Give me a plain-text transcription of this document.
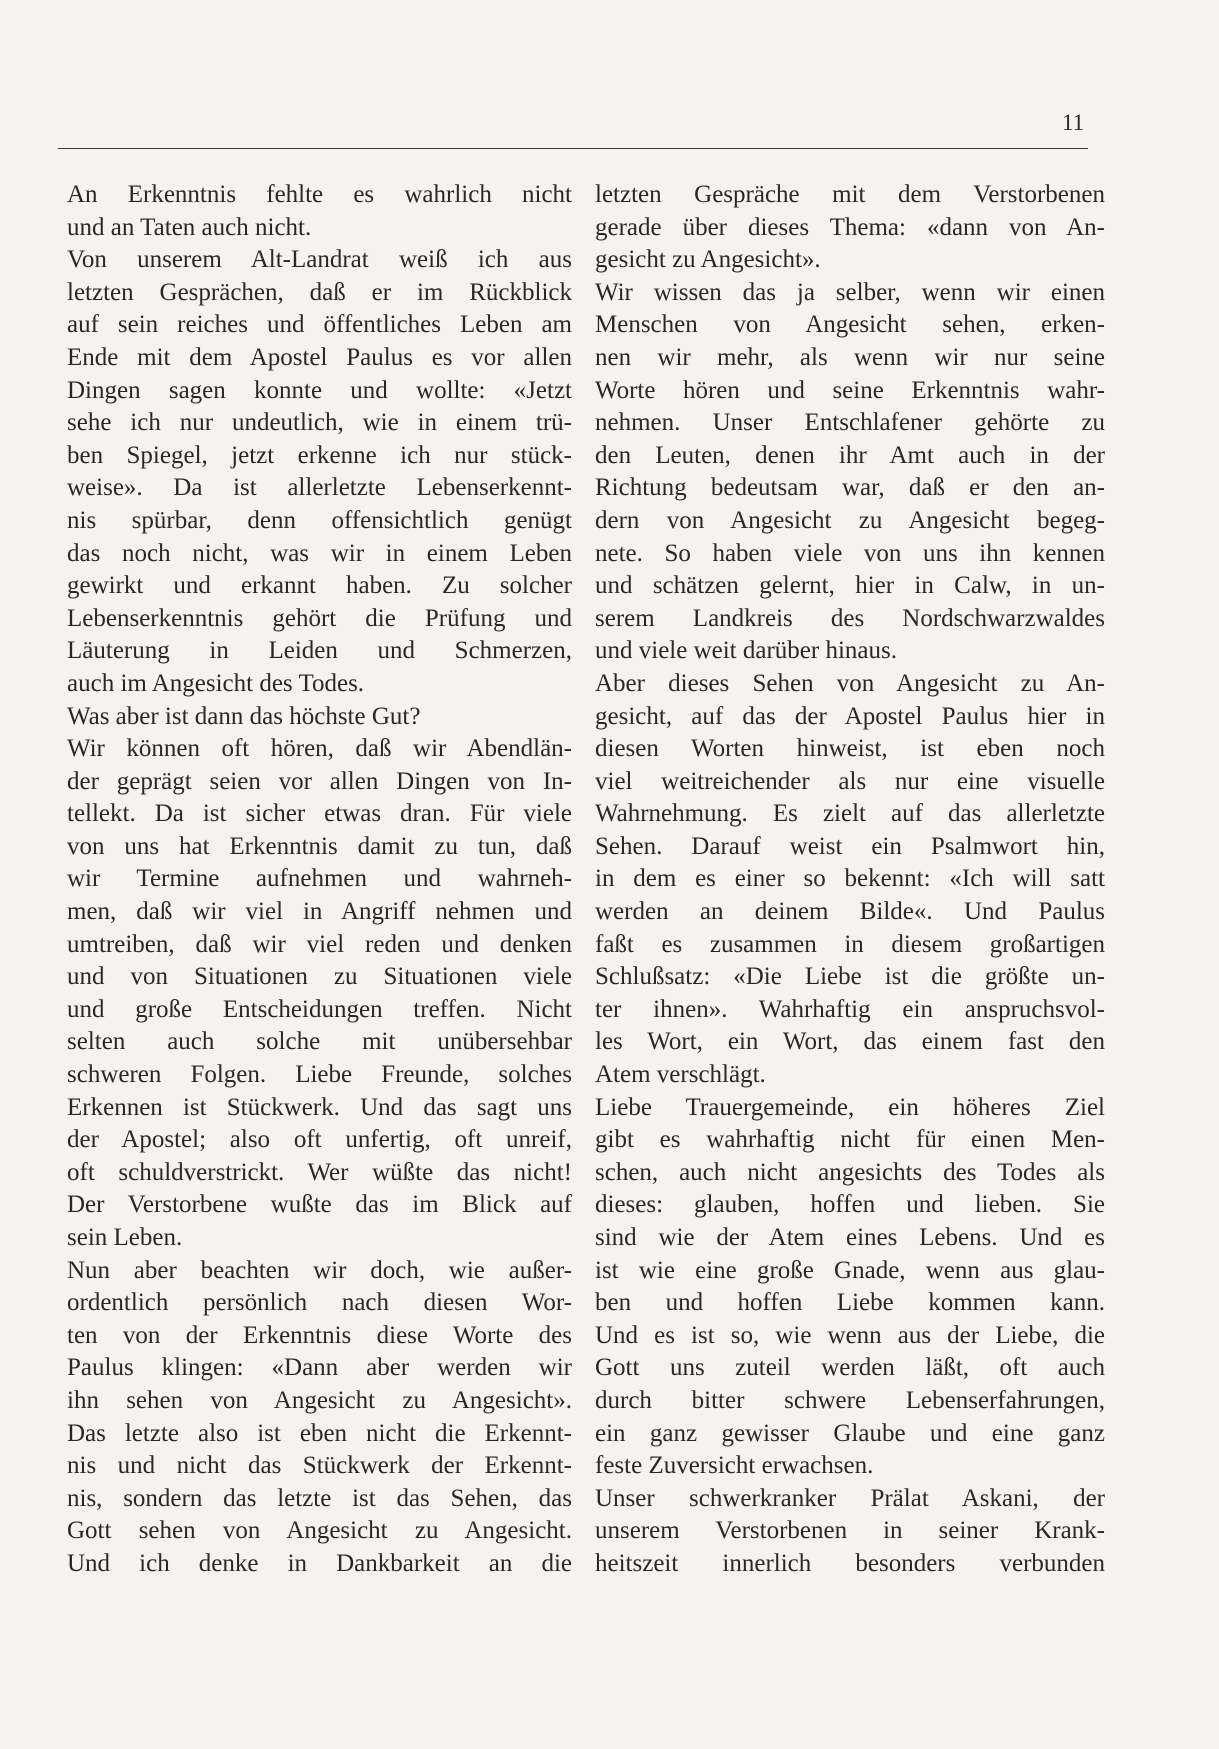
11
An Erkenntnis fehlte es wahrlich nicht
und an Taten auch nicht.
Von unserem Alt-Landrat weiß ich aus
letzten Gesprächen, daß er im Rückblick
auf sein reiches und öffentliches Leben am
Ende mit dem Apostel Paulus es vor allen
Dingen sagen konnte und wollte: «Jetzt
sehe ich nur undeutlich, wie in einem trü-
ben Spiegel, jetzt erkenne ich nur stück-
weise». Da ist allerletzte Lebenserkennt-
nis spürbar, denn offensichtlich genügt
das noch nicht, was wir in einem Leben
gewirkt und erkannt haben. Zu solcher
Lebenserkenntnis gehört die Prüfung und
Läuterung in Leiden und Schmerzen,
auch im Angesicht des Todes.
Was aber ist dann das höchste Gut?
Wir können oft hören, daß wir Abendlän-
der geprägt seien vor allen Dingen von In-
tellekt. Da ist sicher etwas dran. Für viele
von uns hat Erkenntnis damit zu tun, daß
wir Termine aufnehmen und wahrneh-
men, daß wir viel in Angriff nehmen und
umtreiben, daß wir viel reden und denken
und von Situationen zu Situationen viele
und große Entscheidungen treffen. Nicht
selten auch solche mit unübersehbar
schweren Folgen. Liebe Freunde, solches
Erkennen ist Stückwerk. Und das sagt uns
der Apostel; also oft unfertig, oft unreif,
oft schuldverstrickt. Wer wüßte das nicht!
Der Verstorbene wußte das im Blick auf
sein Leben.
Nun aber beachten wir doch, wie außer-
ordentlich persönlich nach diesen Wor-
ten von der Erkenntnis diese Worte des
Paulus klingen: «Dann aber werden wir
ihn sehen von Angesicht zu Angesicht».
Das letzte also ist eben nicht die Erkennt-
nis und nicht das Stückwerk der Erkennt-
nis, sondern das letzte ist das Sehen, das
Gott sehen von Angesicht zu Angesicht.
Und ich denke in Dankbarkeit an die
letzten Gespräche mit dem Verstorbenen
gerade über dieses Thema: «dann von An-
gesicht zu Angesicht».
Wir wissen das ja selber, wenn wir einen
Menschen von Angesicht sehen, erken-
nen wir mehr, als wenn wir nur seine
Worte hören und seine Erkenntnis wahr-
nehmen. Unser Entschlafener gehörte zu
den Leuten, denen ihr Amt auch in der
Richtung bedeutsam war, daß er den an-
dern von Angesicht zu Angesicht begeg-
nete. So haben viele von uns ihn kennen
und schätzen gelernt, hier in Calw, in un-
serem Landkreis des Nordschwarzwaldes
und viele weit darüber hinaus.
Aber dieses Sehen von Angesicht zu An-
gesicht, auf das der Apostel Paulus hier in
diesen Worten hinweist, ist eben noch
viel weitreichender als nur eine visuelle
Wahrnehmung. Es zielt auf das allerletzte
Sehen. Darauf weist ein Psalmwort hin,
in dem es einer so bekennt: «Ich will satt
werden an deinem Bilde«. Und Paulus
faßt es zusammen in diesem großartigen
Schlußsatz: «Die Liebe ist die größte un-
ter ihnen». Wahrhaftig ein anspruchsvol-
les Wort, ein Wort, das einem fast den
Atem verschlägt.
Liebe Trauergemeinde, ein höheres Ziel
gibt es wahrhaftig nicht für einen Men-
schen, auch nicht angesichts des Todes als
dieses: glauben, hoffen und lieben. Sie
sind wie der Atem eines Lebens. Und es
ist wie eine große Gnade, wenn aus glau-
ben und hoffen Liebe kommen kann.
Und es ist so, wie wenn aus der Liebe, die
Gott uns zuteil werden läßt, oft auch
durch bitter schwere Lebenserfahrungen,
ein ganz gewisser Glaube und eine ganz
feste Zuversicht erwachsen.
Unser schwerkranker Prälat Askani, der
unserem Verstorbenen in seiner Krank-
heitszeit innerlich besonders verbunden
